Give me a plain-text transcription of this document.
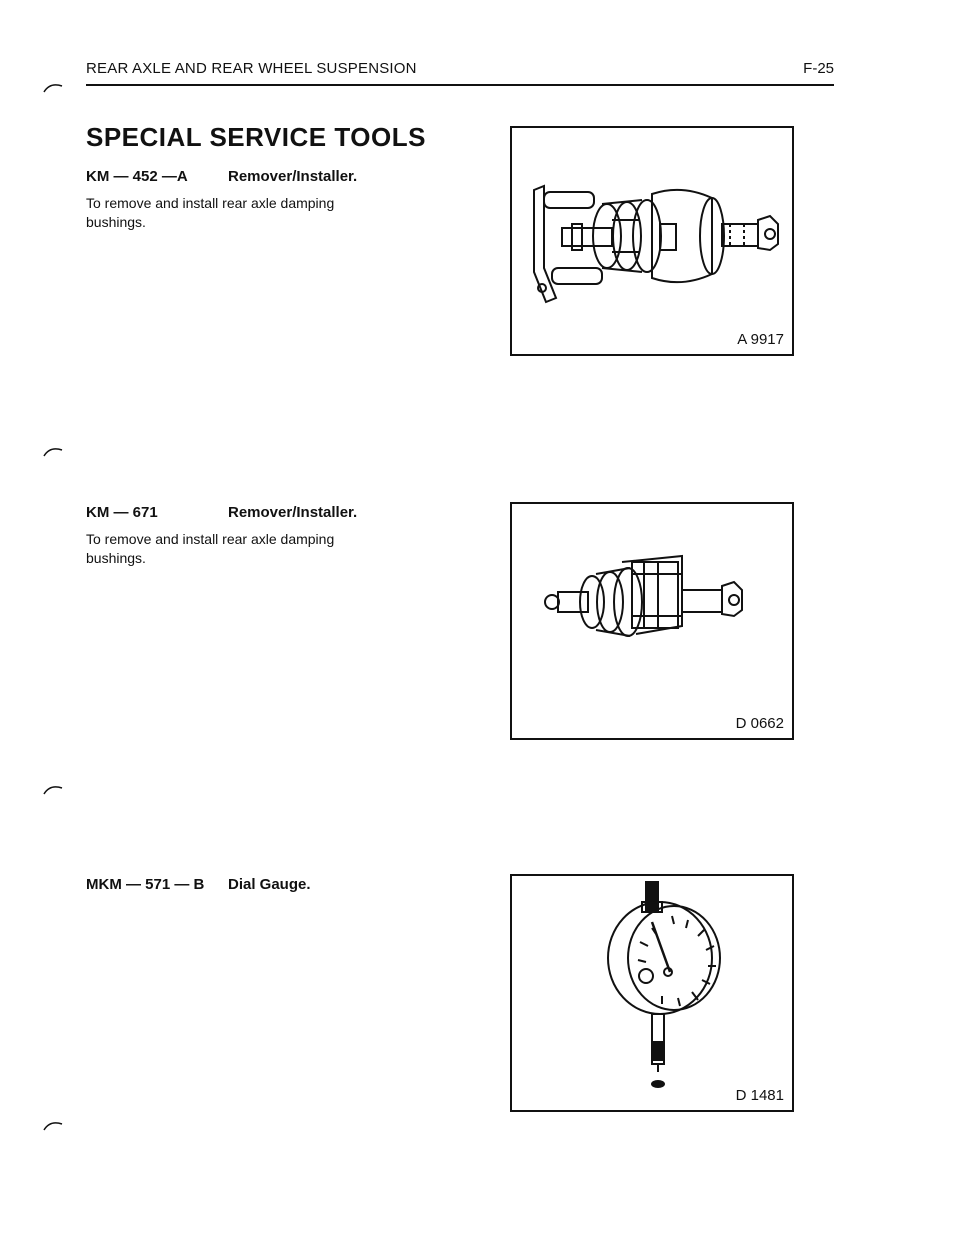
REAR AXLE AND REAR WHEEL SUSPENSION	F-25
SPECIAL SERVICE TOOLS
KM — 452 —A	Remover/Installer.
To remove and install rear axle damping bushings.
A 9917
KM — 671	Remover/Installer.
To remove and install rear axle damping bushings.
D 0662
MKM — 571 — B Dial Gauge.
D 1481
